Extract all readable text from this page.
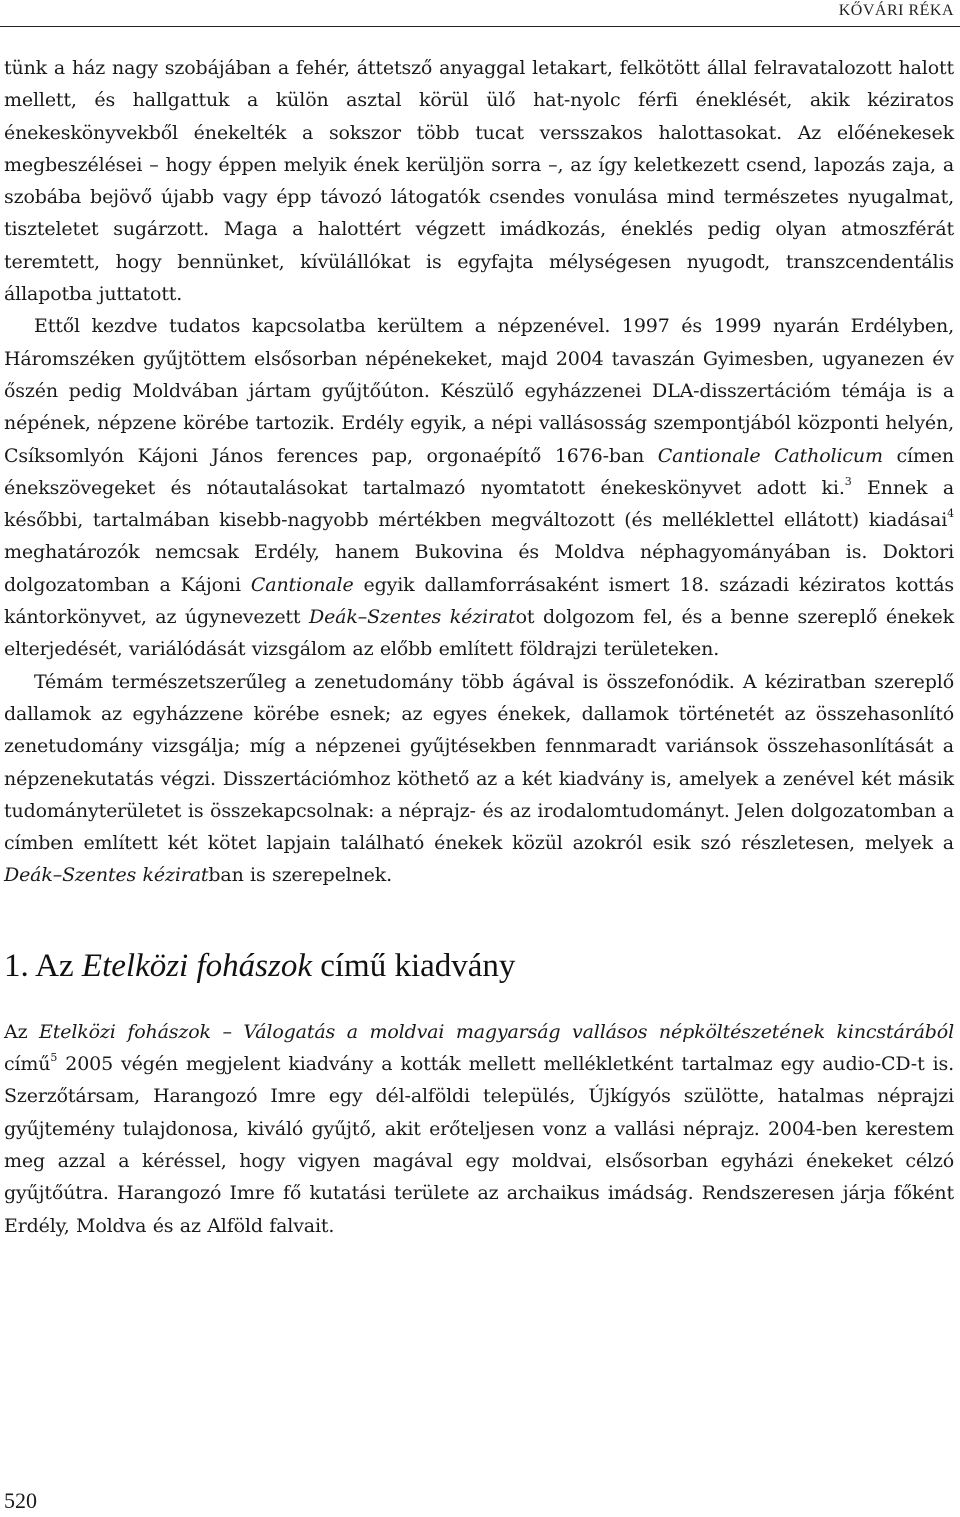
KŐVÁRI RÉKA

tünk a ház nagy szobájában a fehér, áttetsző anyaggal letakart, felkötött állal felravatalozott halott mellett, és hallgattuk a külön asztal körül ülő hat-nyolc férfi éneklését, akik kéziratos énekeskönyvekből énekelték a sokszor több tucat versszakos halottasokat. Az előénekesek megbeszélései – hogy éppen melyik ének kerüljön sorra –, az így keletkezett csend, lapozás zaja, a szobába bejövő újabb vagy épp távozó látogatók csendes vonulása mind természetes nyugalmat, tiszteletet sugárzott. Maga a halottért végzett imádkozás, éneklés pedig olyan atmoszférát teremtett, hogy bennünket, kívülállókat is egyfajta mélységesen nyugodt, transzcendentális állapotba juttatott.

Ettől kezdve tudatos kapcsolatba kerültem a népzenével. 1997 és 1999 nyarán Erdélyben, Háromszéken gyűjtöttem elsősorban népénekeket, majd 2004 tavaszán Gyimesben, ugyanezen év őszén pedig Moldvában jártam gyűjtőúton. Készülő egyházzenei DLA-disszertációm témája is a népének, népzene körébe tartozik. Erdély egyik, a népi vallásosság szempontjából központi helyén, Csíksomlyón Kájoni János ferences pap, orgonaépítő 1676-ban Cantionale Catholicum címen énekszövegeket és nótautalásokat tartalmazó nyomtatott énekeskönyvet adott ki.$^3$ Ennek a későbbi, tartalmában kisebb-nagyobb mértékben megváltozott (és melléklettel ellátott) kiadásai$^4$ meghatározók nemcsak Erdély, hanem Bukovina és Moldva néphagyományában is. Doktori dolgozatomban a Kájoni Cantionale egyik dallamforrásaként ismert 18. századi kéziratos kottás kántorkönyvet, az úgynevezett Deák–Szentes kéziratot dolgozom fel, és a benne szereplő énekek elterjedését, variálódását vizsgálom az előbb említett földrajzi területeken.

Témám természetszerűleg a zenetudomány több ágával is összefonódik. A kéziratban szereplő dallamok az egyházzene körébe esnek; az egyes énekek, dallamok történetét az összehasonlító zenetudomány vizsgálja; míg a népzenei gyűjtésekben fennmaradt variánsok összehasonlítását a népzenekutatás végzi. Disszertációmhoz köthető az a két kiadvány is, amelyek a zenével két másik tudományterületet is összekapcsolnak: a néprajz- és az irodalomtudományt. Jelen dolgozatomban a címben említett két kötet lapjain található énekek közül azokról esik szó részletesen, melyek a Deák–Szentes kéziratban is szerepelnek.

1. Az Etelközi fohászok című kiadvány

Az Etelközi fohászok – Válogatás a moldvai magyarság vallásos népköltészetének kincstárából című$^5$ 2005 végén megjelent kiadvány a kották mellett mellékletként tartalmaz egy audio-CD-t is. Szerzőtársam, Harangozó Imre egy dél-alföldi település, Újkígyós szülötte, hatalmas néprajzi gyűjtemény tulajdonosa, kiváló gyűjtő, akit erőteljesen vonz a vallási néprajz. 2004-ben kerestem meg azzal a kéréssel, hogy vigyen magával egy moldvai, elsősorban egyházi énekeket célzó gyűjtőútra. Harangozó Imre fő kutatási területe az archaikus imádság. Rendszeresen járja főként Erdély, Moldva és az Alföld falvait.

520
